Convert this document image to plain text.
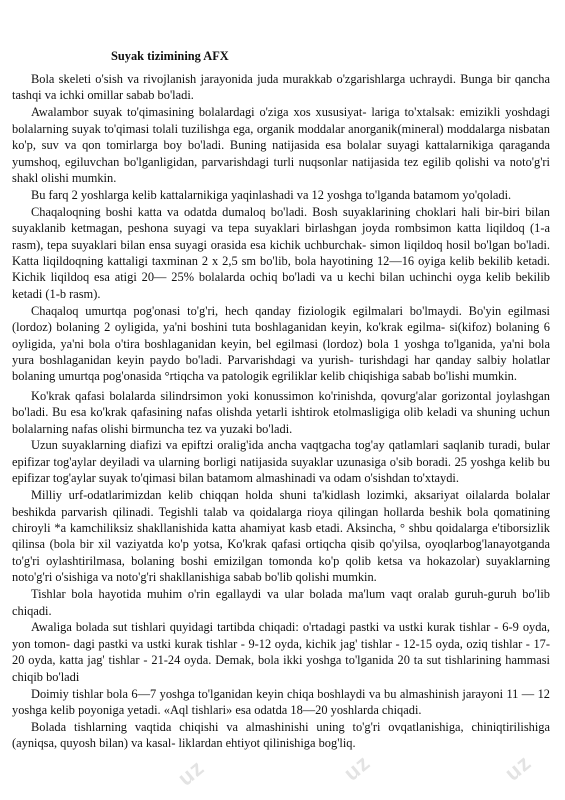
uz	uz	uz
Suyak tizimining AFX

Bola skeleti o'sish va rivojlanish jarayonida juda murakkab o'zgarishlarga uchraydi. Bunga bir qancha tashqi va ichki omillar sabab bo'ladi.

Awalambor suyak to'qimasining bolalardagi o'ziga xos xususiyat- lariga to'xtalsak: emizikli yoshdagi bolalarning suyak to'qimasi tolali tuzilishga ega, organik moddalar anorganik(mineral) moddalarga nisbatan ko'p, suv va qon tomirlarga boy bo'ladi. Buning natijasida esa bolalar suyagi kattalarnikiga qaraganda yumshoq, egiluvchan bo'lganligidan, parvarishdagi turli nuqsonlar natijasida tez egilib qolishi va noto'g'ri shakl olishi mumkin.

Bu farq 2 yoshlarga kelib kattalarnikiga yaqinlashadi va 12 yoshga to'lganda batamom yo'qoladi.

Chaqaloqning boshi katta va odatda dumaloq bo'ladi. Bosh suyaklarining choklari hali bir-biri bilan suyaklanib ketmagan, peshona suyagi va tepa suyaklari birlashgan joyda rombsimon katta liqildoq (1-a rasm), tepa suyaklari bilan ensa suyagi orasida esa kichik uchburchak- simon liqildoq hosil bo'lgan bo'ladi. Katta liqildoqning kattaligi taxminan 2 x 2,5 sm bo'lib, bola hayotining 12—16 oyiga kelib bekilib ketadi. Kichik liqildoq esa atigi 20— 25% bolalarda ochiq bo'ladi va u kechi bilan uchinchi oyga kelib bekilib ketadi (1-b rasm).

Chaqaloq umurtqa pog'onasi to'g'ri, hech qanday fiziologik egilmalari bo'lmaydi. Bo'yin egilmasi (lordoz) bolaning 2 oyligida, ya'ni boshini tuta boshlaganidan keyin, ko'krak egilma- si(kifoz) bolaning 6 oyligida, ya'ni bola o'tira boshlaganidan keyin, bel egilmasi (lordoz) bola 1 yoshga to'lganida, ya'ni bola yura boshlaganidan keyin paydo bo'ladi. Parvarishdagi va yurish- turishdagi har qanday salbiy holatlar bolaning umurtqa pog'onasida °rtiqcha va patologik egriliklar kelib chiqishiga sabab bo'lishi mumkin.

Ko'krak qafasi bolalarda silindrsimon yoki konussimon ko'rinishda, qovurg'alar gorizontal joylashgan bo'ladi. Bu esa ko'krak qafasining nafas olishda yetarli ishtirok etolmasligiga olib keladi va shuning uchun bolalarning nafas olishi birmuncha tez va yuzaki bo'ladi.

Uzun suyaklarning diafizi va epiftzi oralig'ida ancha vaqtgacha tog'ay qatlamlari saqlanib turadi, bular epifizar tog'aylar deyiladi va ularning borligi natijasida suyaklar uzunasiga o'sib boradi. 25 yoshga kelib bu epifizar tog'aylar suyak to'qimasi bilan batamom almashinadi va odam o'sishdan to'xtaydi.

Milliy urf-odatlarimizdan kelib chiqqan holda shuni ta'kidlash lozimki, aksariyat oilalarda bolalar beshikda parvarish qilinadi. Tegishli talab va qoidalarga rioya qilingan hollarda beshik bola qomatining chiroyli *a kamchiliksiz shakllanishida katta ahamiyat kasb etadi. Aksincha, ° shbu qoidalarga e'tiborsizlik qilinsa (bola bir xil vaziyatda ko'p yotsa, Ko'krak qafasi ortiqcha qisib qo'yilsa, oyoqlarbog'lanayotganda to'g'ri oylashtirilmasa, bolaning boshi emizilgan tomonda ko'p qolib ketsa va hokazolar) suyaklarning noto'g'ri o'sishiga va noto'g'ri shakllanishiga sabab bo'lib qolishi mumkin.

Tishlar bola hayotida muhim o'rin egallaydi va ular bolada ma'lum vaqt oralab guruh-guruh bo'lib chiqadi.

Awaliga bolada sut tishlari quyidagi tartibda chiqadi: o'rtadagi pastki va ustki kurak tishlar - 6-9 oyda, yon tomon- dagi pastki va ustki kurak tishlar - 9-12 oyda, kichik jag' tishlar - 12-15 oyda, oziq tishlar - 17-20 oyda, katta jag' tishlar - 21-24 oyda. Demak, bola ikki yoshga to'lganida 20 ta sut tishlarining hammasi chiqib bo'ladi

Doimiy tishlar bola 6—7 yoshga to'lganidan keyin chiqa boshlaydi va bu almashinish jarayoni 11 — 12 yoshga kelib poyoniga yetadi. «Aql tishlari» esa odatda 18—20 yoshlarda chiqadi.

Bolada tishlarning vaqtida chiqishi va almashinishi uning to'g'ri ovqatlanishiga, chiniqtirilishiga (ayniqsa, quyosh bilan) va kasal- liklardan ehtiyot qilinishiga bog'liq.
